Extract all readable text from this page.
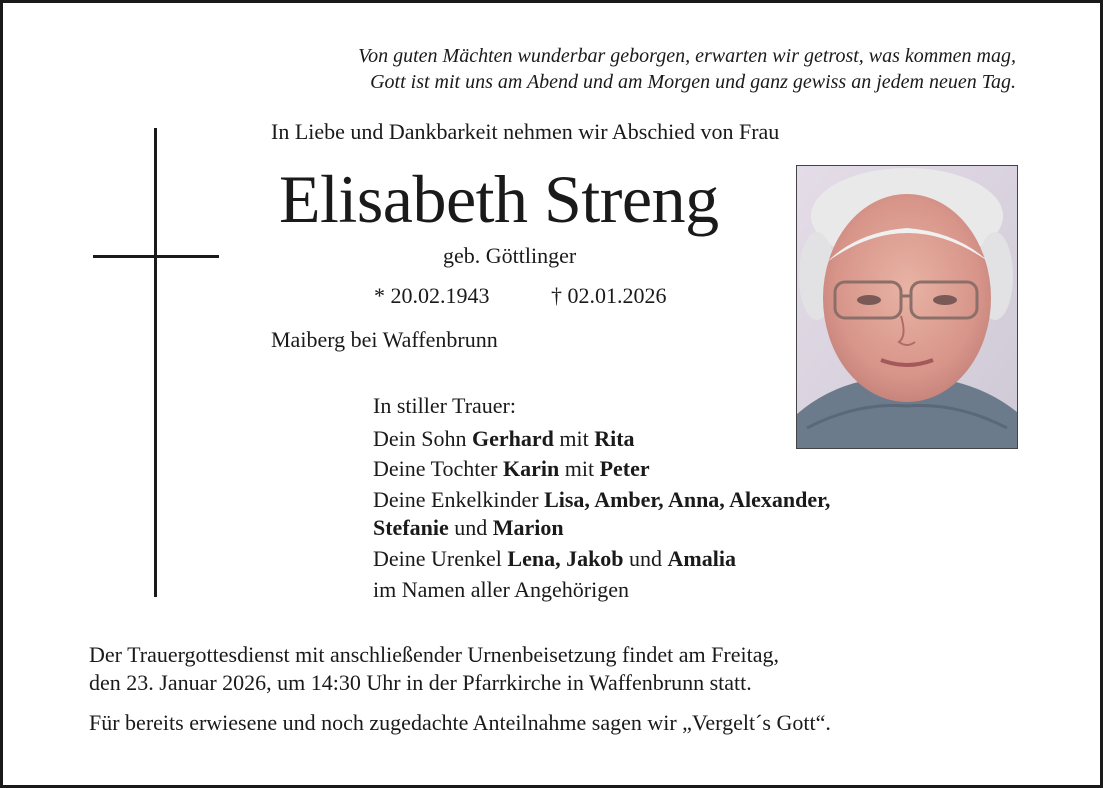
Von guten Mächten wunderbar geborgen, erwarten wir getrost, was kommen mag,
Gott ist mit uns am Abend und am Morgen und ganz gewiss an jedem neuen Tag.
In Liebe und Dankbarkeit nehmen wir Abschied von Frau
Elisabeth Streng
geb. Göttlinger
* 20.02.1943	† 02.01.2026
Maiberg bei Waffenbrunn
In stiller Trauer:
Dein Sohn Gerhard mit Rita
Deine Tochter Karin mit Peter
Deine Enkelkinder Lisa, Amber, Anna, Alexander,
Stefanie und Marion
Deine Urenkel Lena, Jakob und Amalia
im Namen aller Angehörigen
Der Trauergottesdienst mit anschließender Urnenbeisetzung findet am Freitag,
den 23. Januar 2026, um 14:30 Uhr in der Pfarrkirche in Waffenbrunn statt.
Für bereits erwiesene und noch zugedachte Anteilnahme sagen wir „Vergelt´s Gott“.
